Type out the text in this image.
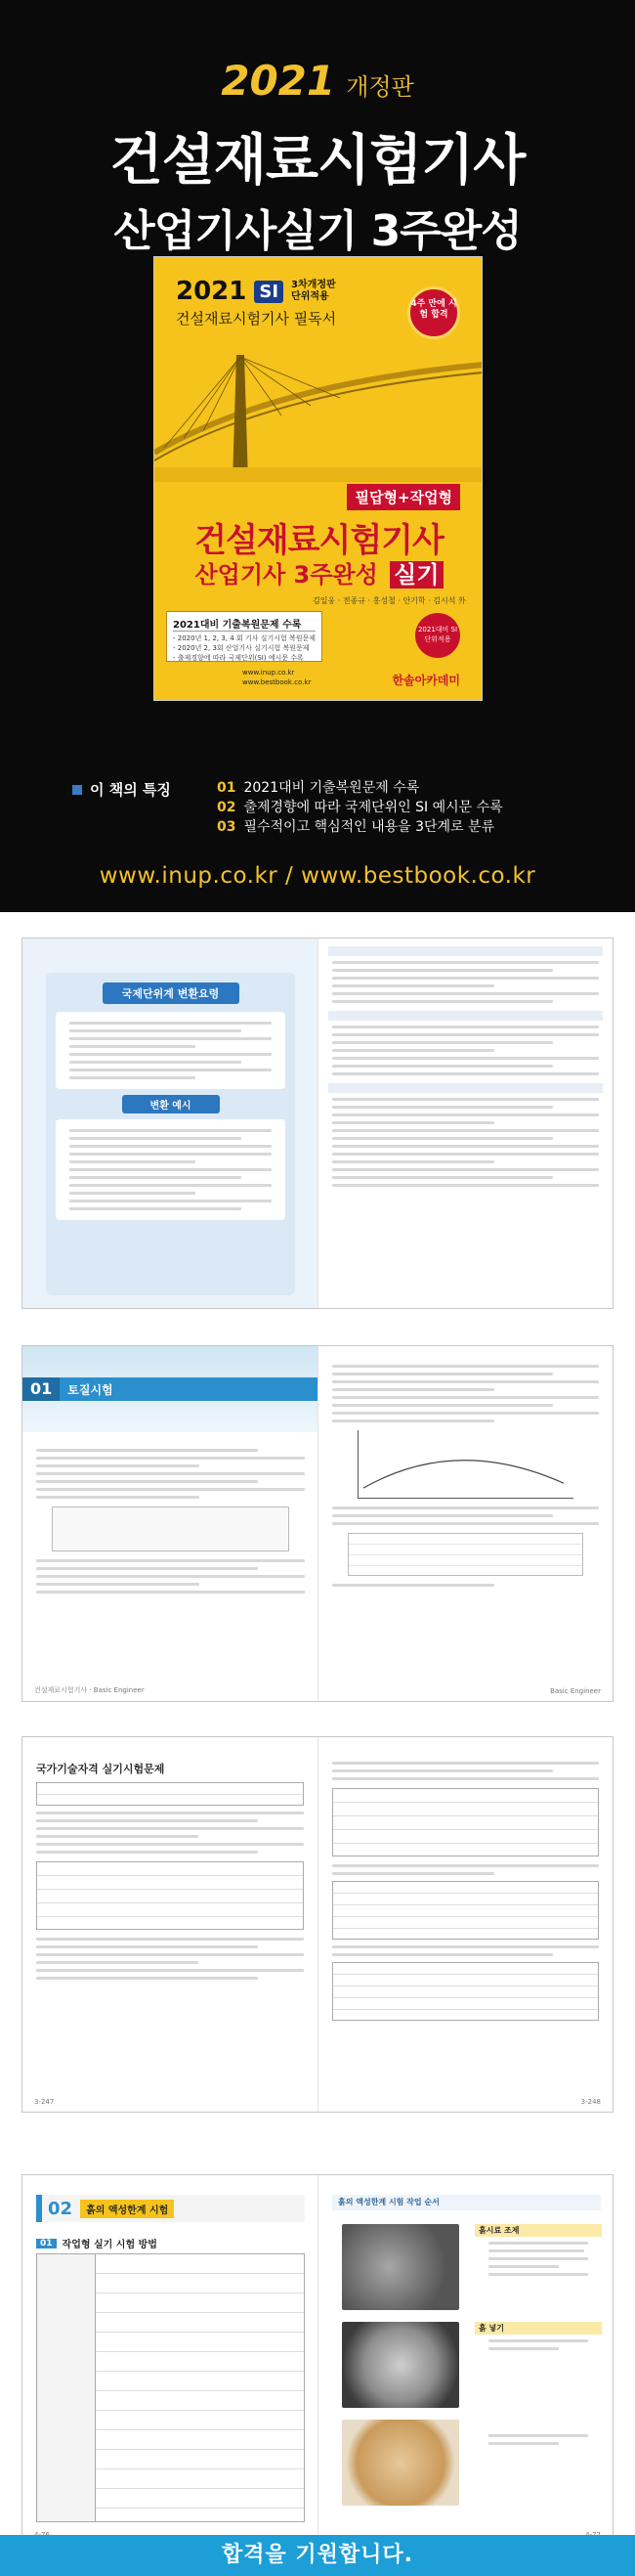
2021 개정판
건설재료시험기사
산업기사실기 3주완성
2021 SI	3차개정판
단위적용
건설재료시험기사 필독서
4주 만에 시험 합격
필답형+작업형
건설재료시험기사
산업기사 3주완성 실기
김일웅 · 전종규 · 홍성철 · 안기학 · 김시석 外
2021대비 기출복원문제 수록
- 2020년 1, 2, 3, 4 회 기사 실기시험 복원문제
- 2020년 2, 3회 산업기사 실기시험 복원문제
- 출제경향에 따라 국제단위(SI) 예시문 수록
2021대비 SI단위적용
www.inup.co.kr
www.bestbook.co.kr	한솔아카데미
이 책의 특징	01 2021대비 기출복원문제 수록
02 출제경향에 따라 국제단위인 SI 예시문 수록
03 필수적이고 핵심적인 내용을 3단계로 분류
www.inup.co.kr / www.bestbook.co.kr
국제단위계 변환요령
변환 예시
01	토질시험
건설재료시험기사 · Basic Engineer	Basic Engineer
국가기술자격 실기시험문제
3-247	3-248
02	흙의 액성한계 시험
01	작업형 실기 시험 방법
흙의 액성한계 시험 작업 순서
흙시료 조제
흙 넣기
합격을 기원합니다.
